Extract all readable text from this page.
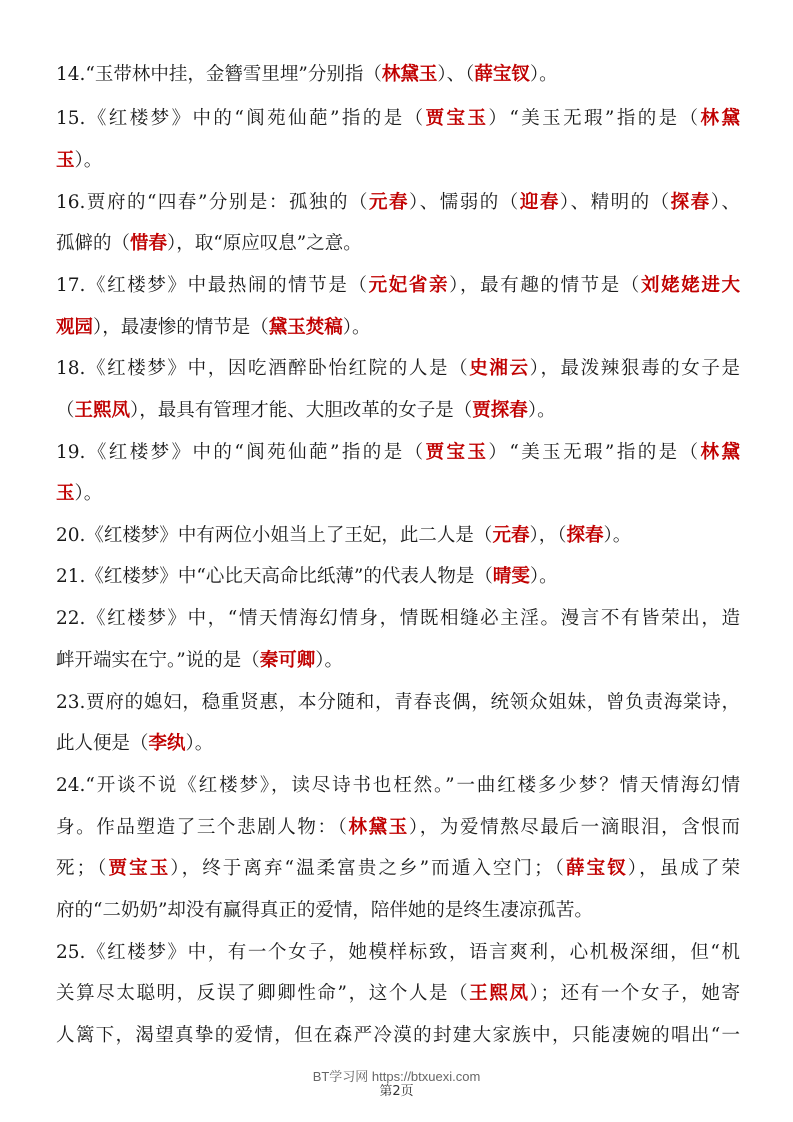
14.“玉带林中挂，金簪雪里埋”分别指（林黛玉）、（薛宝钗）。
15.《红楼梦》中的“阆苑仙葩”指的是（贾宝玉）“美玉无瑕”指的是（林黛
玉）。
16.贾府的“四春”分别是：孤独的（元春）、懦弱的（迎春）、精明的（探春）、
孤僻的（惜春），取“原应叹息”之意。
17.《红楼梦》中最热闹的情节是（元妃省亲），最有趣的情节是（刘姥姥进大
观园），最凄惨的情节是（黛玉焚稿）。
18.《红楼梦》中，因吃酒醉卧怡红院的人是（史湘云），最泼辣狠毒的女子是
（王熙凤），最具有管理才能、大胆改革的女子是（贾探春）。
19.《红楼梦》中的“阆苑仙葩”指的是（贾宝玉）“美玉无瑕”指的是（林黛
玉）。
20.《红楼梦》中有两位小姐当上了王妃，此二人是（元春），（探春）。
21.《红楼梦》中“心比天高命比纸薄”的代表人物是（晴雯）。
22.《红楼梦》中，“情天情海幻情身，情既相缝必主淫。漫言不有皆荣出，造
衅开端实在宁。”说的是（秦可卿）。
23.贾府的媳妇，稳重贤惠，本分随和，青春丧偶，统领众姐妹，曾负责海棠诗，
此人便是（李纨）。
24.“开谈不说《红楼梦》，读尽诗书也枉然。”一曲红楼多少梦？情天情海幻情
身。作品塑造了三个悲剧人物：（林黛玉），为爱情熬尽最后一滴眼泪，含恨而
死；（贾宝玉），终于离弃“温柔富贵之乡”而遁入空门；（薛宝钗），虽成了荣
府的“二奶奶”却没有赢得真正的爱情，陪伴她的是终生凄凉孤苦。
25.《红楼梦》中，有一个女子，她模样标致，语言爽利，心机极深细，但“机
关算尽太聪明，反误了卿卿性命”，这个人是（王熙凤）；还有一个女子，她寄
人篱下，渴望真挚的爱情，但在森严冷漠的封建大家族中，只能凄婉的唱出“一
BT学习网 https://btxuexi.com
第2页
